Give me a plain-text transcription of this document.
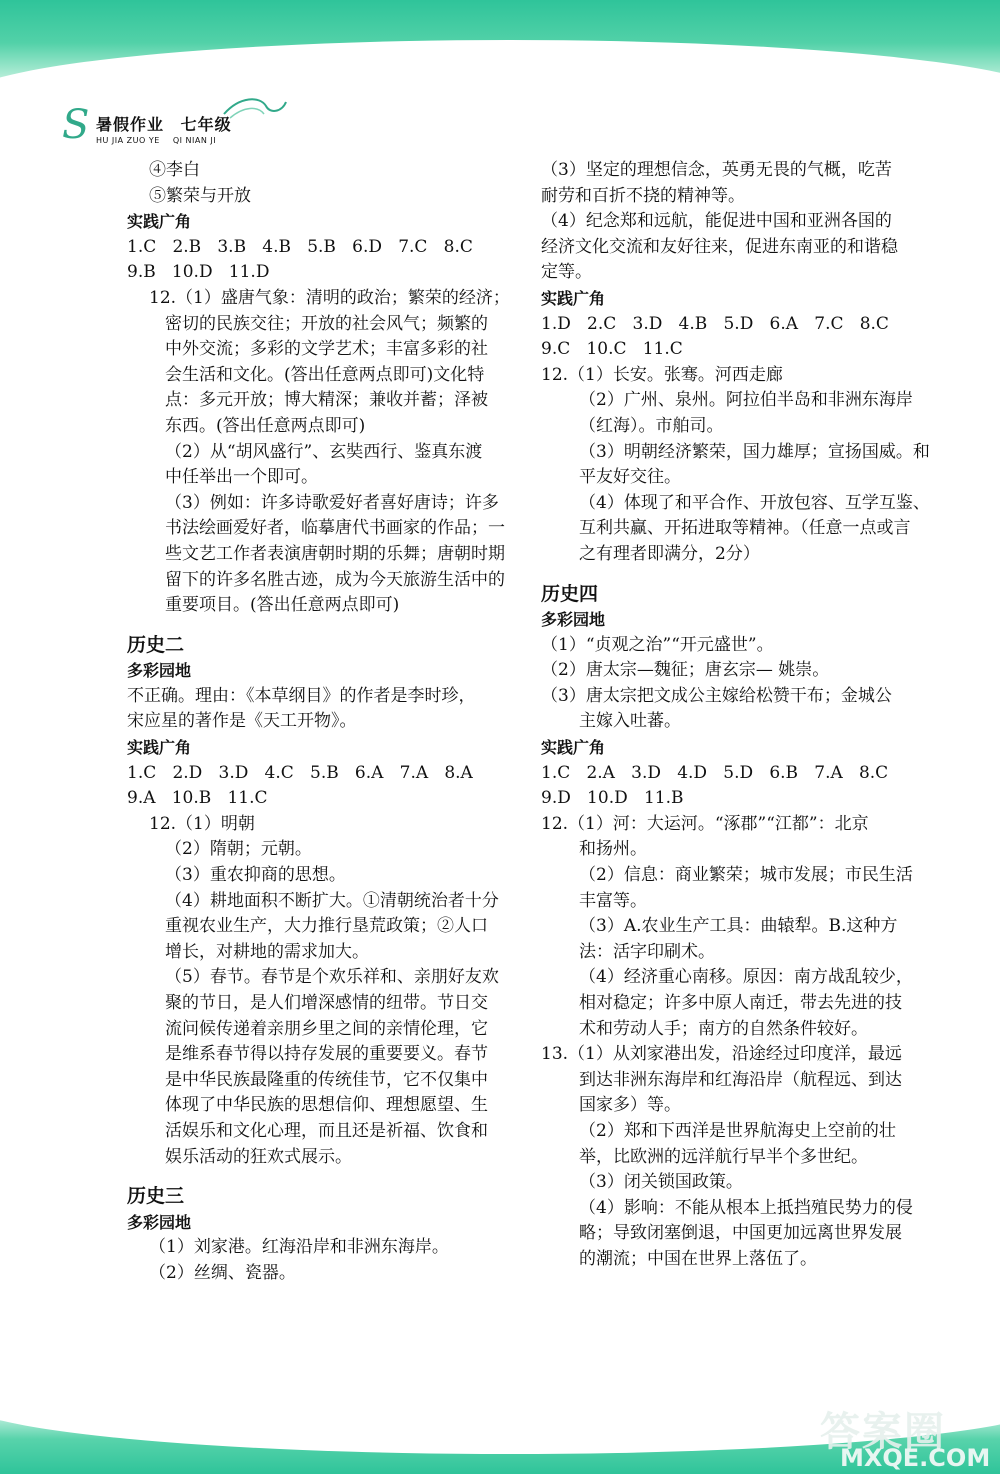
S 暑假作业 七年级
HU JIA ZUO YE QI NIAN JI
④李白
⑤繁荣与开放
实践广角
1.C   2.B   3.B   4.B   5.B   6.D   7.C   8.C
9.B   10.D   11.D
12.（1）盛唐气象：清明的政治；繁荣的经济；
密切的民族交往；开放的社会风气；频繁的
中外交流；多彩的文学艺术；丰富多彩的社
会生活和文化。(答出任意两点即可)文化特
点：多元开放；博大精深；兼收并蓄；泽被
东西。(答出任意两点即可)
（2）从“胡风盛行”、玄奘西行、鉴真东渡
中任举出一个即可。
（3）例如：许多诗歌爱好者喜好唐诗；许多
书法绘画爱好者，临摹唐代书画家的作品；一
些文艺工作者表演唐朝时期的乐舞；唐朝时期
留下的许多名胜古迹，成为今天旅游生活中的
重要项目。(答出任意两点即可)
历史二
多彩园地
不正确。理由：《本草纲目》的作者是李时珍，
宋应星的著作是《天工开物》。
实践广角
1.C   2.D   3.D   4.C   5.B   6.A   7.A   8.A
9.A   10.B   11.C
12.（1）明朝
（2）隋朝；元朝。
（3）重农抑商的思想。
（4）耕地面积不断扩大。①清朝统治者十分
重视农业生产，大力推行垦荒政策；②人口
增长，对耕地的需求加大。
（5）春节。春节是个欢乐祥和、亲朋好友欢
聚的节日，是人们增深感情的纽带。节日交
流问候传递着亲朋乡里之间的亲情伦理，它
是维系春节得以持存发展的重要要义。春节
是中华民族最隆重的传统佳节，它不仅集中
体现了中华民族的思想信仰、理想愿望、生
活娱乐和文化心理，而且还是祈福、饮食和
娱乐活动的狂欢式展示。
历史三
多彩园地
（1）刘家港。红海沿岸和非洲东海岸。
（2）丝绸、瓷器。
（3）坚定的理想信念，英勇无畏的气概，吃苦
耐劳和百折不挠的精神等。
（4）纪念郑和远航，能促进中国和亚洲各国的
经济文化交流和友好往来，促进东南亚的和谐稳
定等。
实践广角
1.D   2.C   3.D   4.B   5.D   6.A   7.C   8.C
9.C   10.C   11.C
12.（1）长安。张骞。河西走廊
（2）广州、泉州。阿拉伯半岛和非洲东海岸
（红海）。市舶司。
（3）明朝经济繁荣，国力雄厚；宣扬国威。和
平友好交往。
（4）体现了和平合作、开放包容、互学互鉴、
互利共赢、开拓进取等精神。（任意一点或言
之有理者即满分，2分）
历史四
多彩园地
（1）“贞观之治”“开元盛世”。
（2）唐太宗—魏征；唐玄宗— 姚崇。
（3）唐太宗把文成公主嫁给松赞干布；金城公
主嫁入吐蕃。
实践广角
1.C   2.A   3.D   4.D   5.D   6.B   7.A   8.C
9.D   10.D   11.B
12.（1）河：大运河。“涿郡”“江都”：北京
和扬州。
（2）信息：商业繁荣；城市发展；市民生活
丰富等。
（3）A.农业生产工具：曲辕犁。B.这种方
法：活字印刷术。
（4）经济重心南移。原因：南方战乱较少，
相对稳定；许多中原人南迁，带去先进的技
术和劳动人手；南方的自然条件较好。
13.（1）从刘家港出发，沿途经过印度洋，最远
到达非洲东海岸和红海沿岸（航程远、到达
国家多）等。
（2）郑和下西洋是世界航海史上空前的壮
举，比欧洲的远洋航行早半个多世纪。
（3）闭关锁国政策。
（4）影响：不能从根本上抵挡殖民势力的侵
略；导致闭塞倒退，中国更加远离世界发展
的潮流；中国在世界上落伍了。
答案圈
MXQE.COM
